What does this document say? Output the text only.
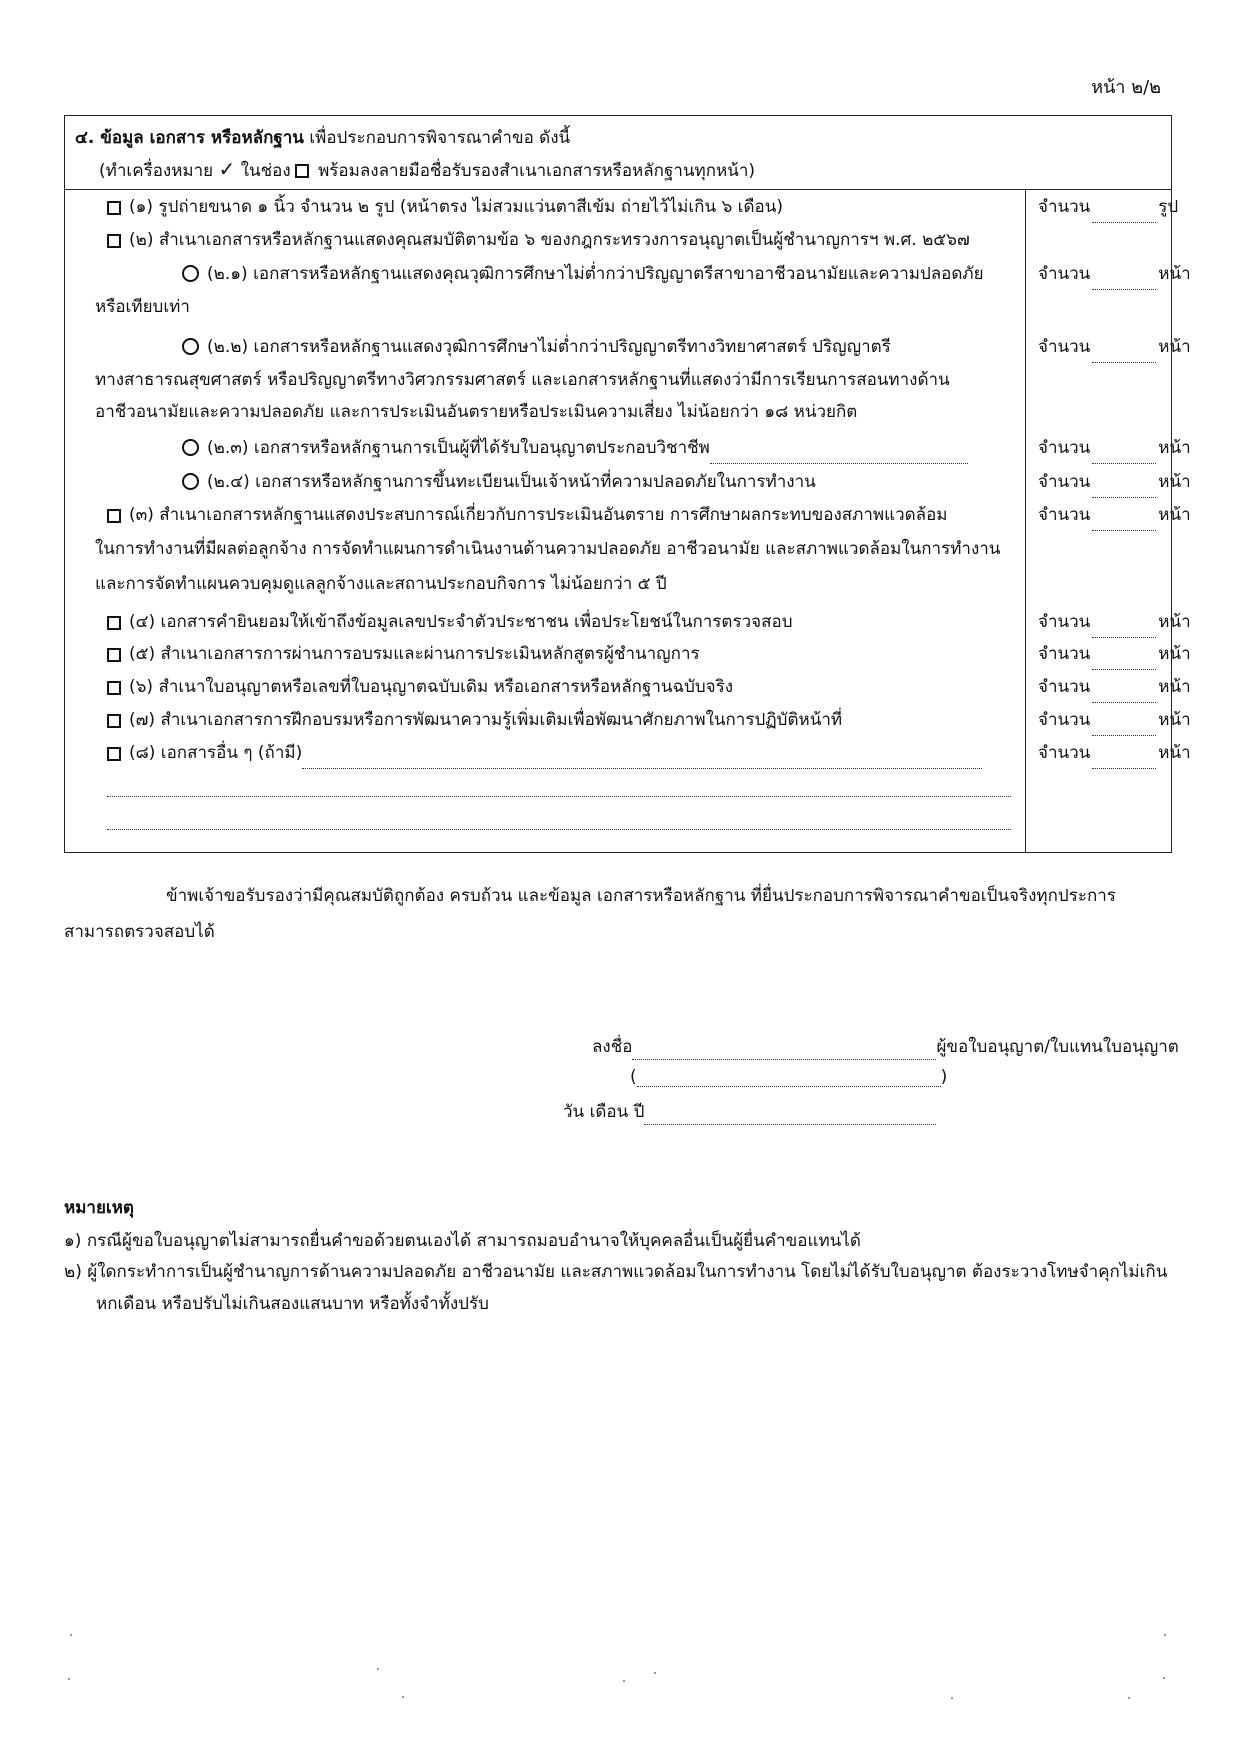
หน้า ๒/๒
๔. ข้อมูล เอกสาร หรือหลักฐาน เพื่อประกอบการพิจารณาคำขอ ดังนี้
(ทำเครื่องหมาย ✓ ในช่อง พร้อมลงลายมือชื่อรับรองสำเนาเอกสารหรือหลักฐานทุกหน้า)
(๑) รูปถ่ายขนาด ๑ นิ้ว จำนวน ๒ รูป (หน้าตรง ไม่สวมแว่นตาสีเข้ม ถ่ายไว้ไม่เกิน ๖ เดือน)	จำนวน	รูป
(๒) สำเนาเอกสารหรือหลักฐานแสดงคุณสมบัติตามข้อ ๖ ของกฎกระทรวงการอนุญาตเป็นผู้ชำนาญการฯ พ.ศ. ๒๕๖๗
(๒.๑) เอกสารหรือหลักฐานแสดงคุณวุฒิการศึกษาไม่ต่ำกว่าปริญญาตรีสาขาอาชีวอนามัยและความปลอดภัย	จำนวน	หน้า
หรือเทียบเท่า
(๒.๒) เอกสารหรือหลักฐานแสดงวุฒิการศึกษาไม่ต่ำกว่าปริญญาตรีทางวิทยาศาสตร์ ปริญญาตรี	จำนวน	หน้า
ทางสาธารณสุขศาสตร์ หรือปริญญาตรีทางวิศวกรรมศาสตร์ และเอกสารหลักฐานที่แสดงว่ามีการเรียนการสอนทางด้าน
อาชีวอนามัยและความปลอดภัย และการประเมินอันตรายหรือประเมินความเสี่ยง ไม่น้อยกว่า ๑๘ หน่วยกิต
(๒.๓) เอกสารหรือหลักฐานการเป็นผู้ที่ได้รับใบอนุญาตประกอบวิชาชีพ	จำนวน	หน้า
(๒.๔) เอกสารหรือหลักฐานการขึ้นทะเบียนเป็นเจ้าหน้าที่ความปลอดภัยในการทำงาน	จำนวน	หน้า
(๓) สำเนาเอกสารหลักฐานแสดงประสบการณ์เกี่ยวกับการประเมินอันตราย การศึกษาผลกระทบของสภาพแวดล้อม	จำนวน	หน้า
ในการทำงานที่มีผลต่อลูกจ้าง การจัดทำแผนการดำเนินงานด้านความปลอดภัย อาชีวอนามัย และสภาพแวดล้อมในการทำงาน
และการจัดทำแผนควบคุมดูแลลูกจ้างและสถานประกอบกิจการ ไม่น้อยกว่า ๕ ปี
(๔) เอกสารคำยินยอมให้เข้าถึงข้อมูลเลขประจำตัวประชาชน เพื่อประโยชน์ในการตรวจสอบ	จำนวน	หน้า
(๕) สำเนาเอกสารการผ่านการอบรมและผ่านการประเมินหลักสูตรผู้ชำนาญการ	จำนวน	หน้า
(๖) สำเนาใบอนุญาตหรือเลขที่ใบอนุญาตฉบับเดิม หรือเอกสารหรือหลักฐานฉบับจริง	จำนวน	หน้า
(๗) สำเนาเอกสารการฝึกอบรมหรือการพัฒนาความรู้เพิ่มเติมเพื่อพัฒนาศักยภาพในการปฏิบัติหน้าที่	จำนวน	หน้า
(๘) เอกสารอื่น ๆ (ถ้ามี)	จำนวน	หน้า
ข้าพเจ้าขอรับรองว่ามีคุณสมบัติถูกต้อง ครบถ้วน และข้อมูล เอกสารหรือหลักฐาน ที่ยื่นประกอบการพิจารณาคำขอเป็นจริงทุกประการ สามารถตรวจสอบได้
ลงชื่อ	ผู้ขอใบอนุญาต/ใบแทนใบอนุญาต
(	)
วัน เดือน ปี
หมายเหตุ
๑) กรณีผู้ขอใบอนุญาตไม่สามารถยื่นคำขอด้วยตนเองได้ สามารถมอบอำนาจให้บุคคลอื่นเป็นผู้ยื่นคำขอแทนได้
๒) ผู้ใดกระทำการเป็นผู้ชำนาญการด้านความปลอดภัย อาชีวอนามัย และสภาพแวดล้อมในการทำงาน โดยไม่ได้รับใบอนุญาต ต้องระวางโทษจำคุกไม่เกิน
หกเดือน หรือปรับไม่เกินสองแสนบาท หรือทั้งจำทั้งปรับ
